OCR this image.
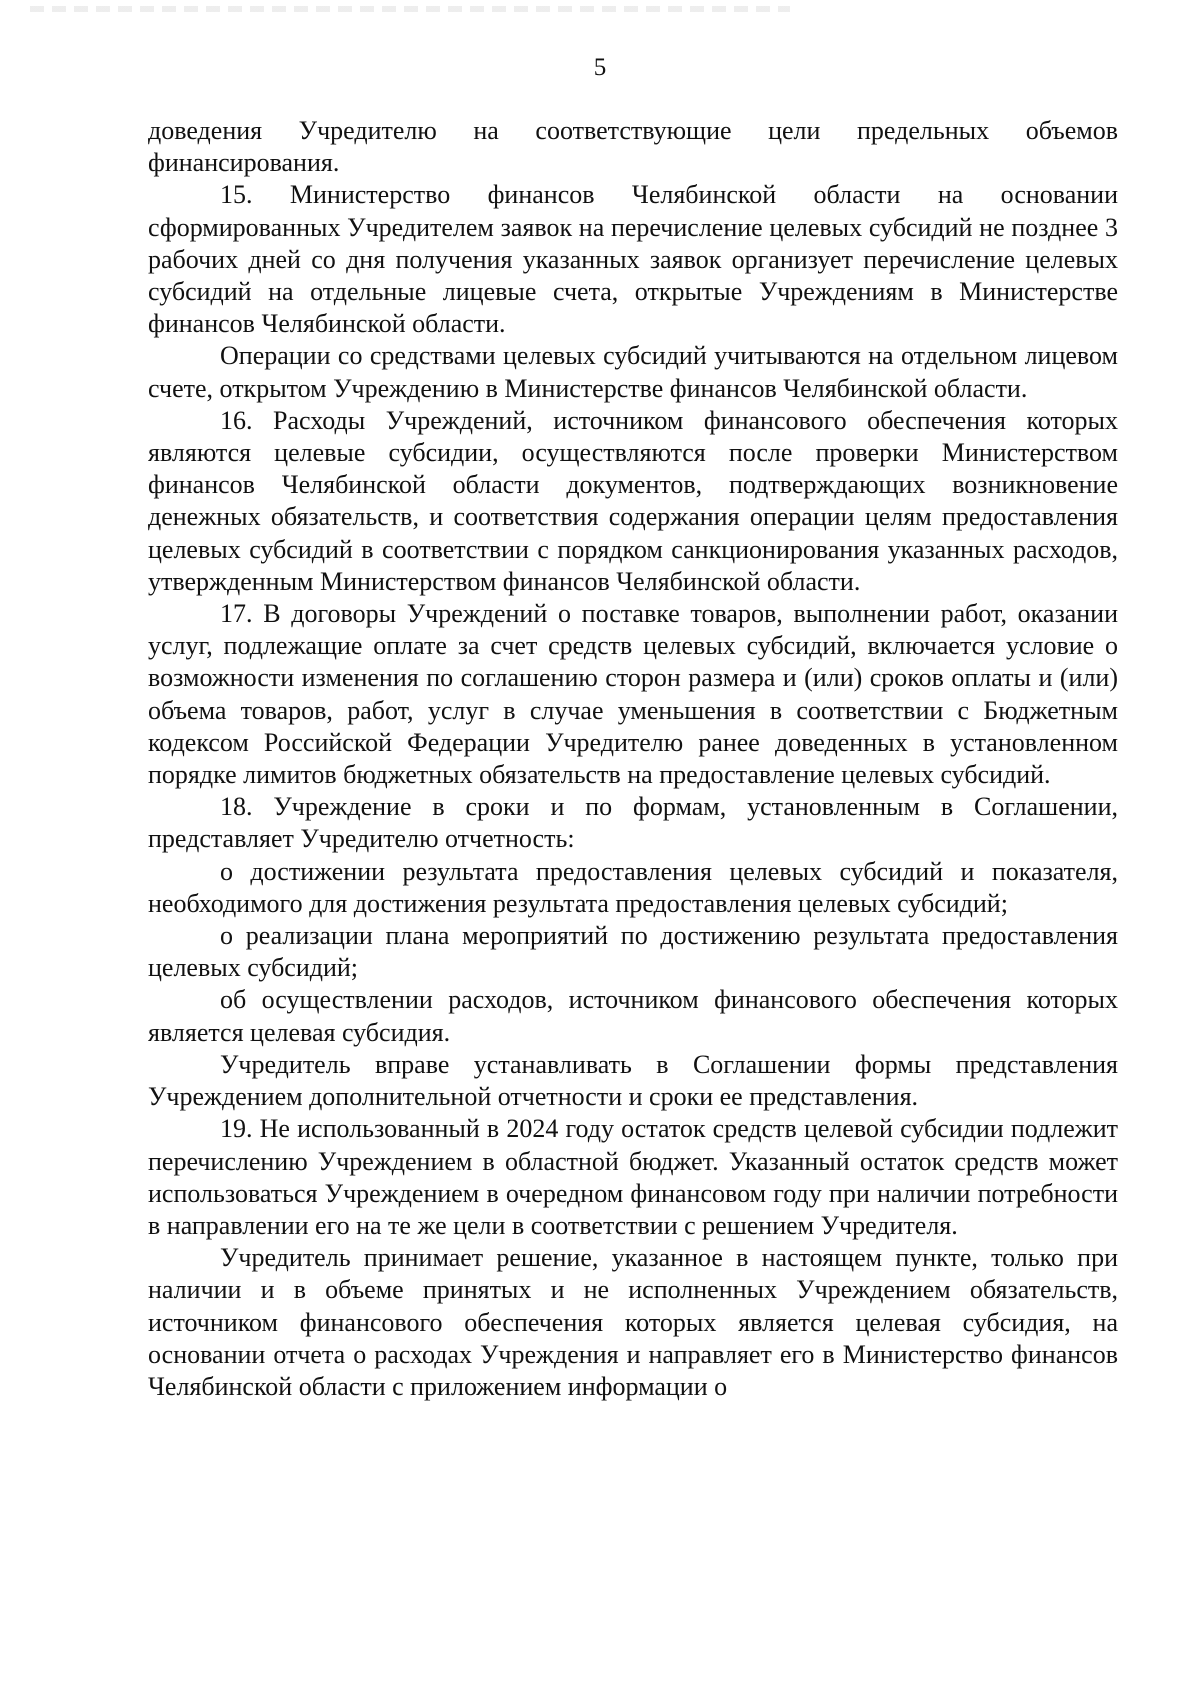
5

доведения Учредителю на соответствующие цели предельных объемов финансирования.

15. Министерство финансов Челябинской области на основании сформированных Учредителем заявок на перечисление целевых субсидий не позднее 3 рабочих дней со дня получения указанных заявок организует перечисление целевых субсидий на отдельные лицевые счета, открытые Учреждениям в Министерстве финансов Челябинской области.

Операции со средствами целевых субсидий учитываются на отдельном лицевом счете, открытом Учреждению в Министерстве финансов Челябинской области.

16. Расходы Учреждений, источником финансового обеспечения которых являются целевые субсидии, осуществляются после проверки Министерством финансов Челябинской области документов, подтверждающих возникновение денежных обязательств, и соответствия содержания операции целям предоставления целевых субсидий в соответствии с порядком санкционирования указанных расходов, утвержденным Министерством финансов Челябинской области.

17. В договоры Учреждений о поставке товаров, выполнении работ, оказании услуг, подлежащие оплате за счет средств целевых субсидий, включается условие о возможности изменения по соглашению сторон размера и (или) сроков оплаты и (или) объема товаров, работ, услуг в случае уменьшения в соответствии с Бюджетным кодексом Российской Федерации Учредителю ранее доведенных в установленном порядке лимитов бюджетных обязательств на предоставление целевых субсидий.

18. Учреждение в сроки и по формам, установленным в Соглашении, представляет Учредителю отчетность:

о достижении результата предоставления целевых субсидий и показателя, необходимого для достижения результата предоставления целевых субсидий;

о реализации плана мероприятий по достижению результата предоставления целевых субсидий;

об осуществлении расходов, источником финансового обеспечения которых является целевая субсидия.

Учредитель вправе устанавливать в Соглашении формы представления Учреждением дополнительной отчетности и сроки ее представления.

19. Не использованный в 2024 году остаток средств целевой субсидии подлежит перечислению Учреждением в областной бюджет. Указанный остаток средств может использоваться Учреждением в очередном финансовом году при наличии потребности в направлении его на те же цели в соответствии с решением Учредителя.

Учредитель принимает решение, указанное в настоящем пункте, только при наличии и в объеме принятых и не исполненных Учреждением обязательств, источником финансового обеспечения которых является целевая субсидия, на основании отчета о расходах Учреждения и направляет его в Министерство финансов Челябинской области с приложением информации о
